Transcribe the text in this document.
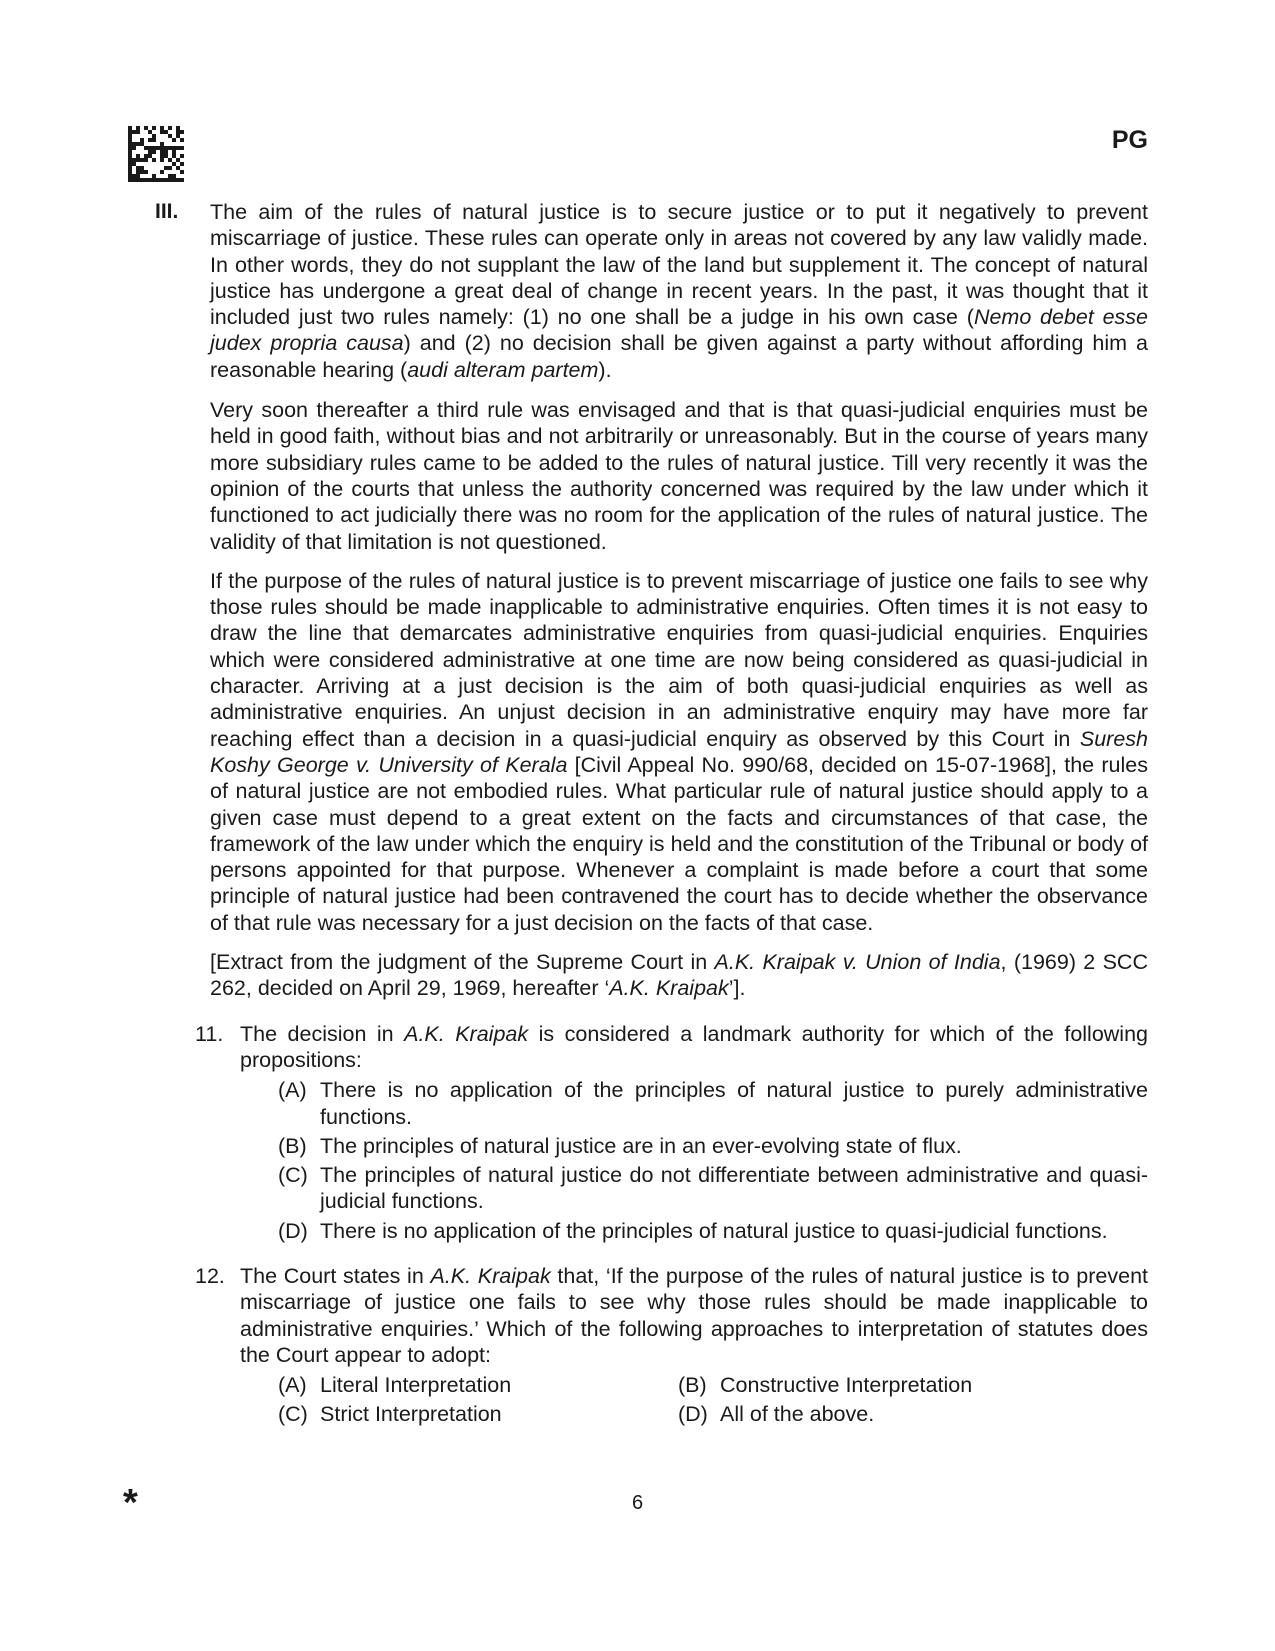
PG
III. The aim of the rules of natural justice is to secure justice or to put it negatively to prevent miscarriage of justice. These rules can operate only in areas not covered by any law validly made. In other words, they do not supplant the law of the land but supplement it. The concept of natural justice has undergone a great deal of change in recent years. In the past, it was thought that it included just two rules namely: (1) no one shall be a judge in his own case (Nemo debet esse judex propria causa) and (2) no decision shall be given against a party without affording him a reasonable hearing (audi alteram partem).

Very soon thereafter a third rule was envisaged and that is that quasi-judicial enquiries must be held in good faith, without bias and not arbitrarily or unreasonably. But in the course of years many more subsidiary rules came to be added to the rules of natural justice. Till very recently it was the opinion of the courts that unless the authority concerned was required by the law under which it functioned to act judicially there was no room for the application of the rules of natural justice. The validity of that limitation is not questioned.

If the purpose of the rules of natural justice is to prevent miscarriage of justice one fails to see why those rules should be made inapplicable to administrative enquiries. Often times it is not easy to draw the line that demarcates administrative enquiries from quasi-judicial enquiries. Enquiries which were considered administrative at one time are now being considered as quasi-judicial in character. Arriving at a just decision is the aim of both quasi-judicial enquiries as well as administrative enquiries. An unjust decision in an administrative enquiry may have more far reaching effect than a decision in a quasi-judicial enquiry as observed by this Court in Suresh Koshy George v. University of Kerala [Civil Appeal No. 990/68, decided on 15-07-1968], the rules of natural justice are not embodied rules. What particular rule of natural justice should apply to a given case must depend to a great extent on the facts and circumstances of that case, the framework of the law under which the enquiry is held and the constitution of the Tribunal or body of persons appointed for that purpose. Whenever a complaint is made before a court that some principle of natural justice had been contravened the court has to decide whether the observance of that rule was necessary for a just decision on the facts of that case.

[Extract from the judgment of the Supreme Court in A.K. Kraipak v. Union of India, (1969) 2 SCC 262, decided on April 29, 1969, hereafter ‘A.K. Kraipak’].

11. The decision in A.K. Kraipak is considered a landmark authority for which of the following propositions:
(A) There is no application of the principles of natural justice to purely administrative functions.
(B) The principles of natural justice are in an ever-evolving state of flux.
(C) The principles of natural justice do not differentiate between administrative and quasi-judicial functions.
(D) There is no application of the principles of natural justice to quasi-judicial functions.
12. The Court states in A.K. Kraipak that, ‘If the purpose of the rules of natural justice is to prevent miscarriage of justice one fails to see why those rules should be made inapplicable to administrative enquiries.’ Which of the following approaches to interpretation of statutes does the Court appear to adopt:
(A) Literal Interpretation	(B) Constructive Interpretation
(C) Strict Interpretation	(D) All of the above.
*	6
